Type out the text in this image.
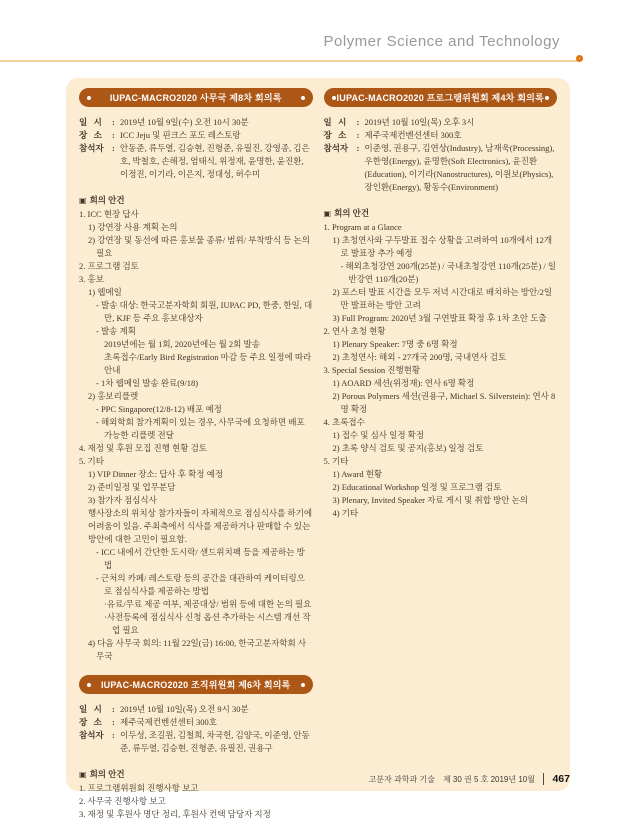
Polymer Science and Technology
IUPAC-MACRO2020 사무국 제8차 회의록
일   시	: 2019년 10월 9일(수) 오전 10시 30분
장   소	: ICC Jeju 및 핀크스 포도 레스토랑
참석자 : 안동준, 류두열, 김승현, 진형준, 유필진, 강영종, 김은호, 박철호, 손해정, 엄태식, 위정재, 윤명한, 윤진환, 이정진, 이기라, 이은지, 정대성, 허수미
▣ 회의 안건
1. ICC 현장 답사
1) 강연장 사용 계획 논의
2) 강연장 및 동선에 따른 홍보물 종류/ 범위/ 부착방식 등 논의 필요
2. 프로그램 검토
3. 홍보
1) 웹메일
- 발송 대상: 한국고분자학회 회원, IUPAC PD, 한중, 한일, 대만, KJF 등 주요 홍보대상자
- 발송 계획
2019년에는 월 1회, 2020년에는 월 2회 발송
초록접수/Early Bird Registration 마감 등 주요 일정에 따라 안내
- 1차 웹메일 발송 완료(9/18)
2) 홍보리플렛
- PPC Singapore(12/8-12) 배포 예정
- 해외학회 참가계획이 있는 경우, 사무국에 요청하면 배포 가능한 리플렛 전달
4. 재정 및 후원 모집 진행 현황 검토
5. 기타
1) VIP Dinner 장소: 답사 후 확정 예정
2) 준비일정 및 업무분담
3) 참가자 점심식사
행사장소의 위치상 참가자들이 자체적으로 점심식사를 하기에 어려움이 있음. 주최측에서 식사를 제공하거나 판매할 수 있는 방안에 대한 고민이 필요함.
- ICC 내에서 간단한 도시락/ 샌드위치팩 등을 제공하는 방법
- 근처의 카페/ 레스토랑 등의 공간을 대관하여 케이터링으로 점심식사를 제공하는 방법
·유료/무료 제공 여부, 제공대상/ 범위 등에 대한 논의 필요
·사전등록에 점심식사 신청 옵션 추가하는 시스템 개선 작업 필요
4) 다음 사무국 회의: 11월 22일(금) 16:00, 한국고분자학회 사무국
IUPAC-MACRO2020 조직위원회 제6차 회의록
일   시	: 2019년 10월 10일(목) 오전 9시 30분
장   소	: 제주국제컨벤션센터 300호
참석자 : 이두성, 조길원, 김철희, 차국헌, 김양국, 이준영, 안동준, 류두열, 김승현, 진형준, 유필진, 권용구
▣ 회의 안건
1. 프로그램위원회 진행사항 보고
2. 사무국 진행사항 보고
3. 재정 및 후원사 명단 정리, 후원사 컨택 담당자 지정
IUPAC-MACRO2020 프로그램위원회 제4차 회의록
일   시	: 2019년 10월 10일(목) 오후 3시
장   소	: 제주국제컨벤션센터 300호
참석자 : 이준영, 권용구, 김연상(Industry), 남재욱(Processing), 우한영(Energy), 윤명한(Soft Electronics), 윤진환(Education), 이기라(Nanostructures), 이원보(Physics), 장인환(Energy), 황동수(Environment)
▣ 회의 안건
1. Program at a Glance
1) 초청연사와 구두발표 접수 상황을 고려하여 10개에서 12개로 발표장 추가 예정
- 해외초청강연 200개(25분) / 국내초청강연 110개(25분) / 일반강연 110개(20분)
2) 포스터 발표 시간을 모두 저녁 시간대로 배치하는 방안/2일만 발표하는 방안 고려
3) Full Program: 2020년 3월 구연발표 확정 후 1차 초안 도출
2. 연사 초청 현황
1) Plenary Speaker: 7명 중 6명 확정
2) 초청연사: 해외 - 27개국 200명, 국내연사 검토
3. Special Session 진행현황
1) AOARD 세션(위정재): 연사 6명 확정
2) Porous Polymers 세션(권용구, Michael S. Silverstein): 연사 8명 확정
4. 초록접수
1) 접수 및 심사 일정 확정
2) 초록 양식 검토 및 공지(홍보) 일정 검토
5. 기타
1) Award 현황
2) Educational Workshop 일정 및 프로그램 검토
3) Plenary, Invited Speaker 자료 게시 및 취합 방안 논의
4) 기타
고분자 과학과 기술 제 30 권 5 호 2019년 10월 467
